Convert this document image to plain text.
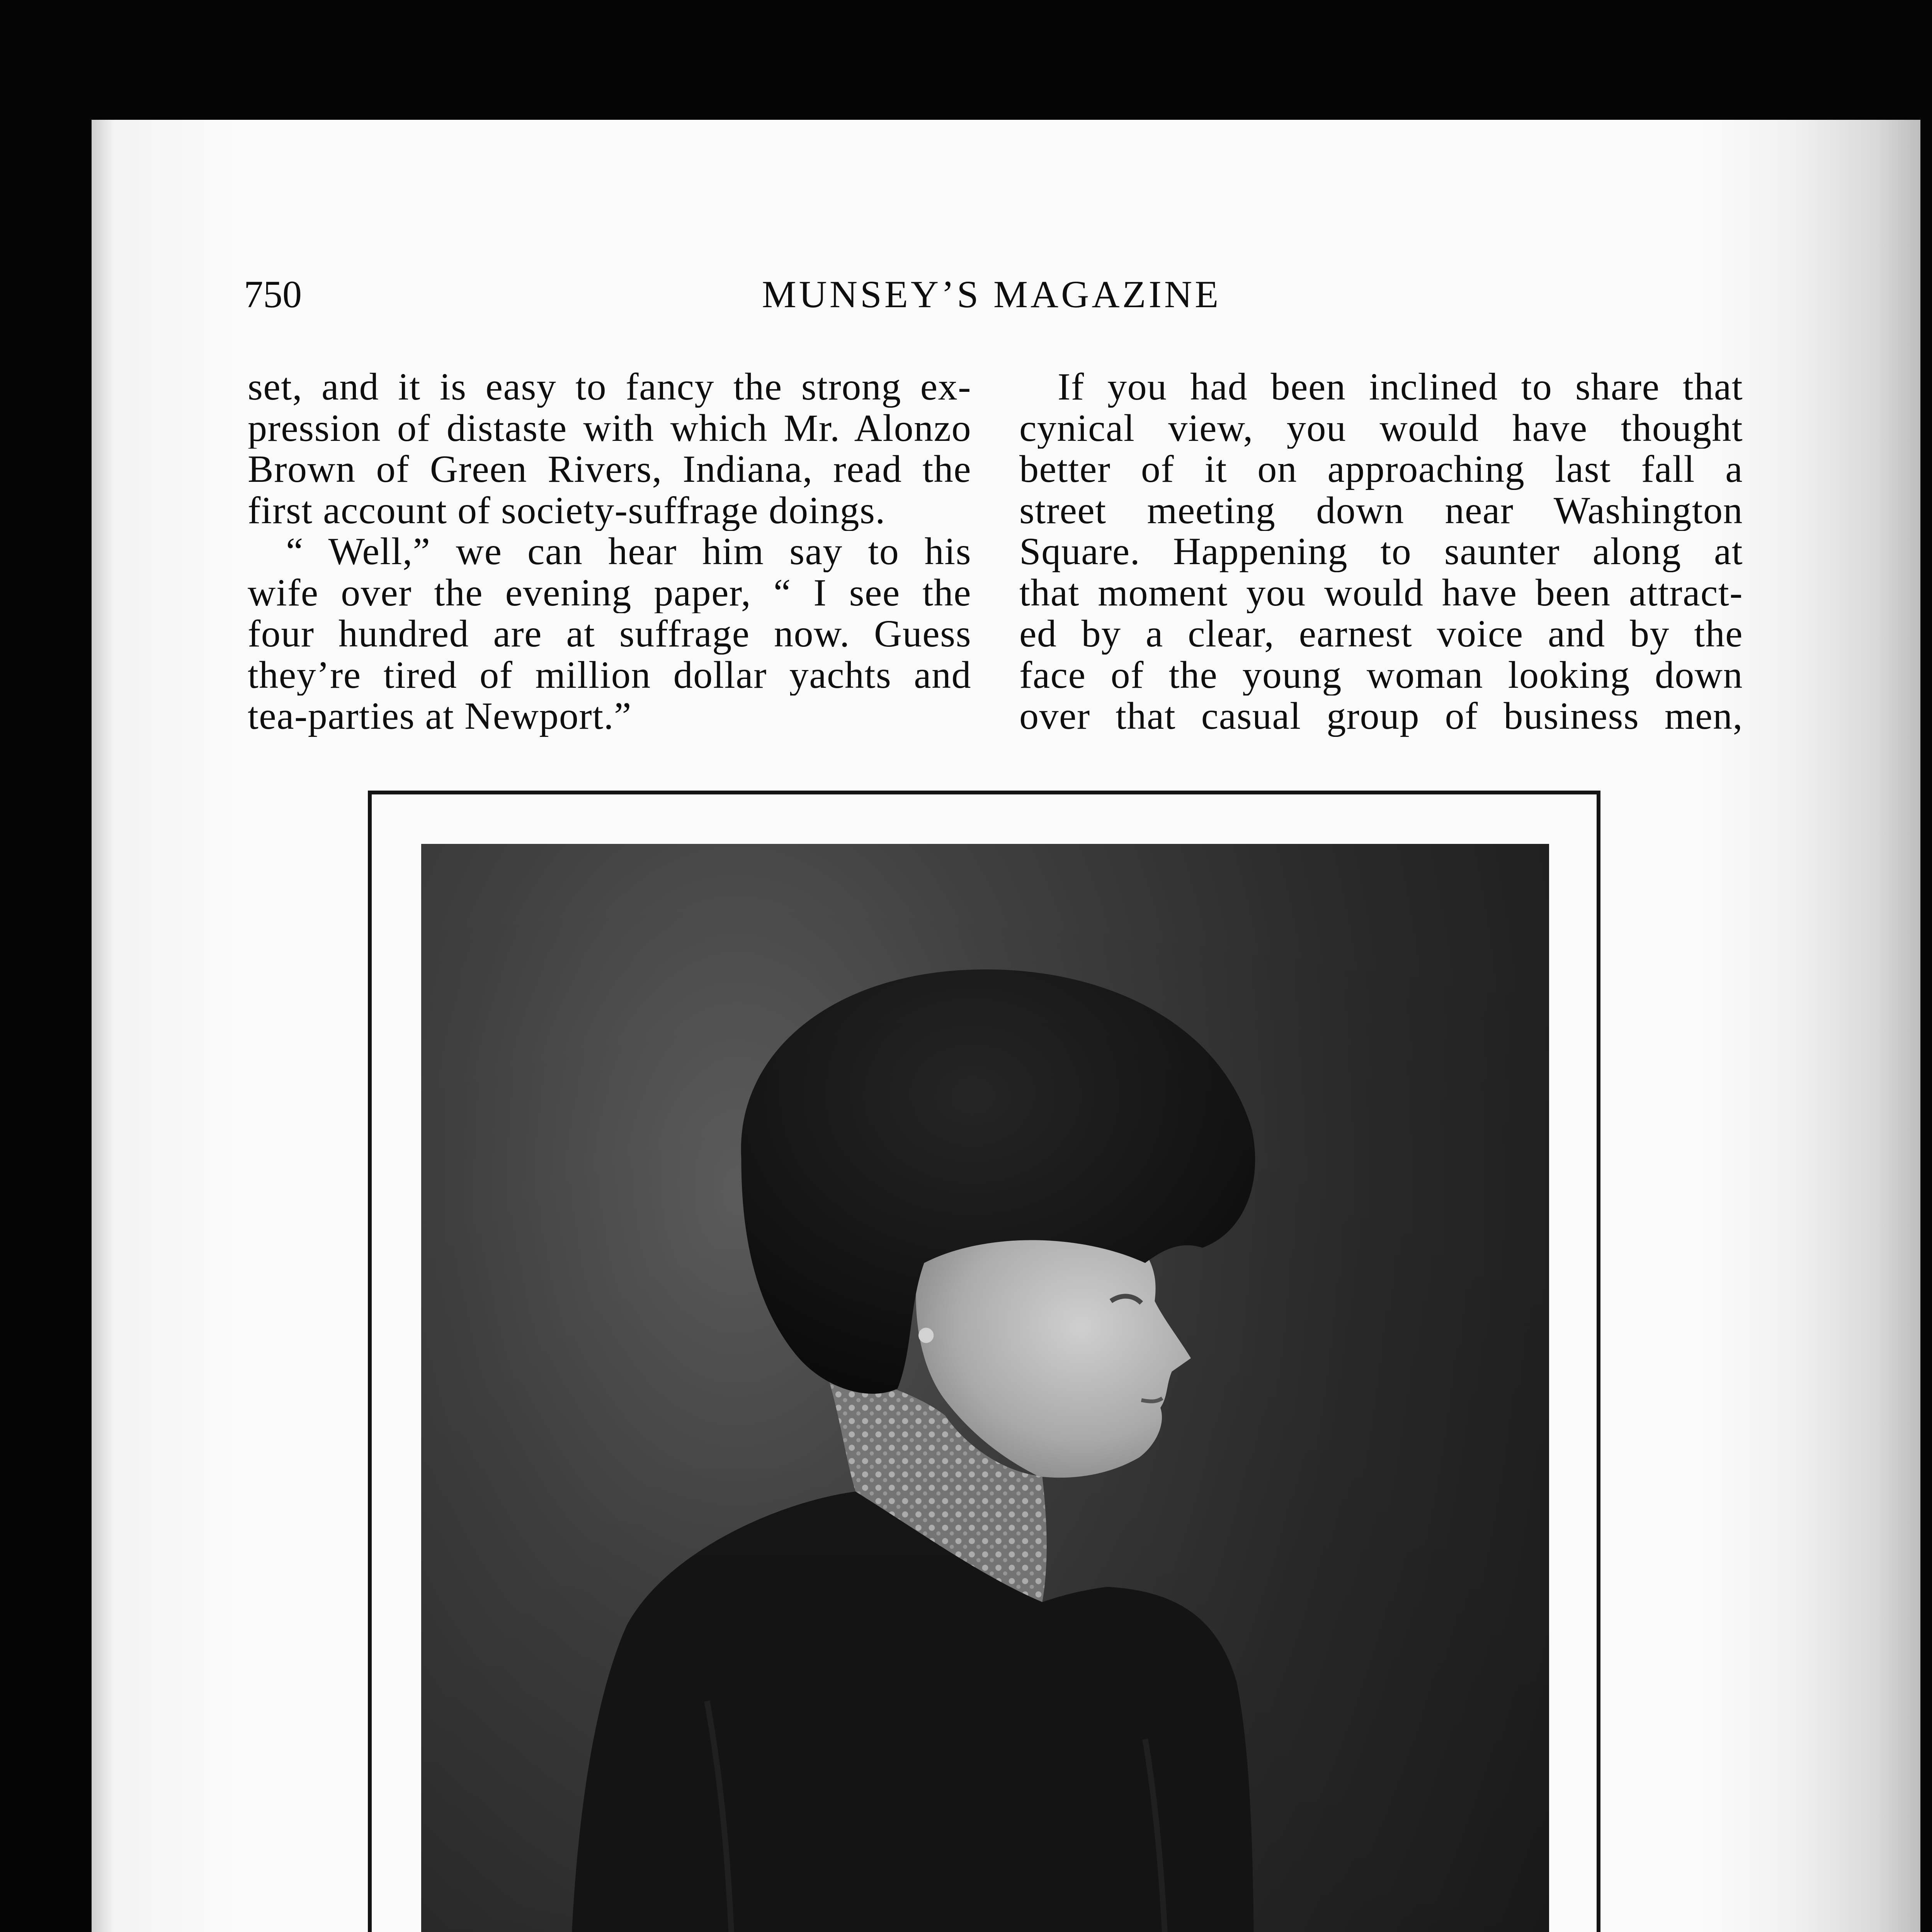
750	MUNSEY’S MAGAZINE
set, and it is easy to fancy the strong ex-
pression of distaste with which Mr. Alonzo
Brown of Green Rivers, Indiana, read the
first account of society-suffrage doings.
“ Well,” we can hear him say to his
wife over the evening paper, “ I see the
four hundred are at suffrage now. Guess
they’re tired of million dollar yachts and
tea-parties at Newport.”
If you had been inclined to share that
cynical view, you would have thought
better of it on approaching last fall a
street meeting down near Washington
Square. Happening to saunter along at
that moment you would have been attract-
ed by a clear, earnest voice and by the
face of the young woman looking down
over that casual group of business men,
